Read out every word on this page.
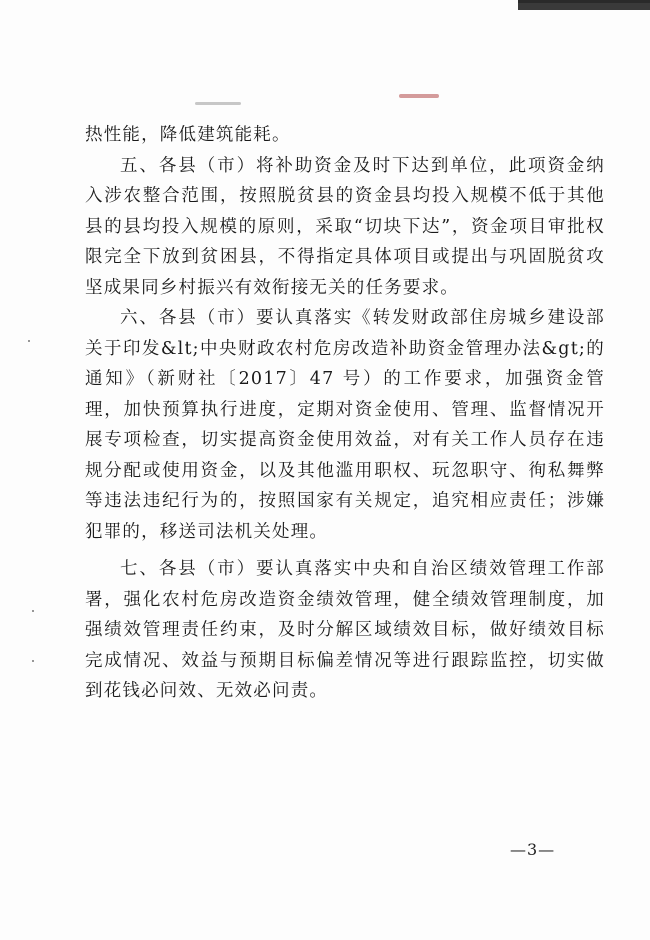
热性能，降低建筑能耗。

五、各县（市）将补助资金及时下达到单位，此项资金纳入涉农整合范围，按照脱贫县的资金县均投入规模不低于其他县的县均投入规模的原则，采取“切块下达”，资金项目审批权限完全下放到贫困县，不得指定具体项目或提出与巩固脱贫攻坚成果同乡村振兴有效衔接无关的任务要求。

六、各县（市）要认真落实《转发财政部住房城乡建设部关于印发&lt;中央财政农村危房改造补助资金管理办法&gt;的通知》（新财社〔2017〕47 号）的工作要求，加强资金管理，加快预算执行进度，定期对资金使用、管理、监督情况开展专项检查，切实提高资金使用效益，对有关工作人员存在违规分配或使用资金，以及其他滥用职权、玩忽职守、徇私舞弊等违法违纪行为的，按照国家有关规定，追究相应责任；涉嫌犯罪的，移送司法机关处理。

七、各县（市）要认真落实中央和自治区绩效管理工作部署，强化农村危房改造资金绩效管理，健全绩效管理制度，加强绩效管理责任约束，及时分解区域绩效目标，做好绩效目标完成情况、效益与预期目标偏差情况等进行跟踪监控，切实做到花钱必问效、无效必问责。

—3—
